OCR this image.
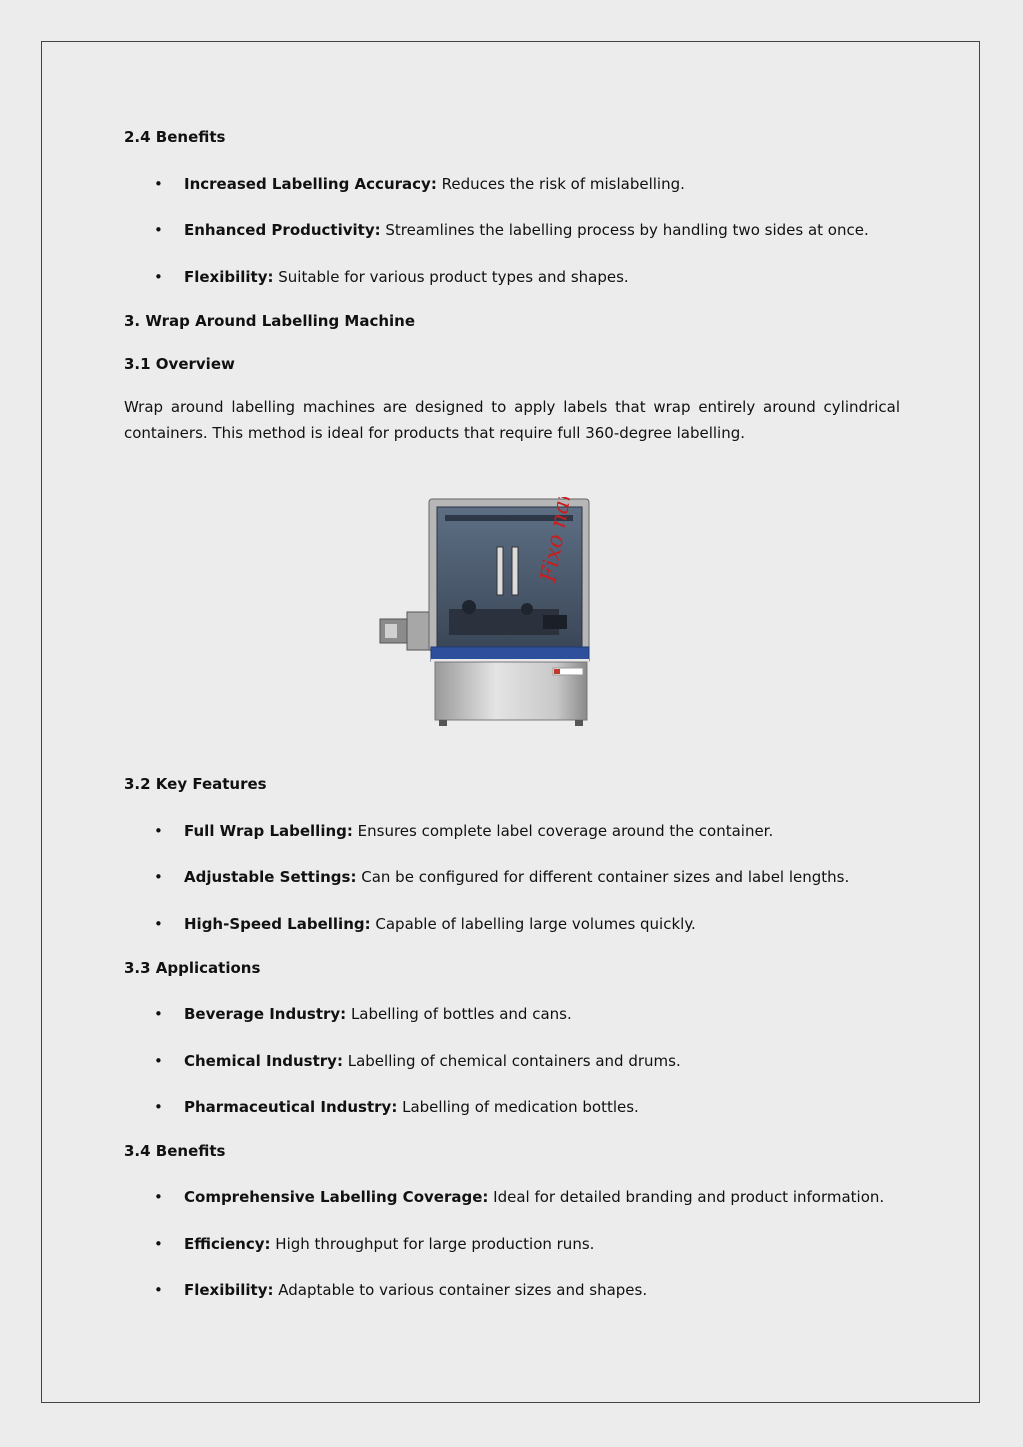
2.4 Benefits
•	Increased Labelling Accuracy: Reduces the risk of mislabelling.
•	Enhanced Productivity: Streamlines the labelling process by handling two sides at once.
•	Flexibility: Suitable for various product types and shapes.
3. Wrap Around Labelling Machine
3.1 Overview
Wrap around labelling machines are designed to apply labels that wrap entirely around cylindrical containers. This method is ideal for products that require full 360-degree labelling.
Fixo name
3.2 Key Features
•	Full Wrap Labelling: Ensures complete label coverage around the container.
•	Adjustable Settings: Can be configured for different container sizes and label lengths.
•	High-Speed Labelling: Capable of labelling large volumes quickly.
3.3 Applications
•	Beverage Industry: Labelling of bottles and cans.
•	Chemical Industry: Labelling of chemical containers and drums.
•	Pharmaceutical Industry: Labelling of medication bottles.
3.4 Benefits
•	Comprehensive Labelling Coverage: Ideal for detailed branding and product information.
•	Efficiency: High throughput for large production runs.
•	Flexibility: Adaptable to various container sizes and shapes.
